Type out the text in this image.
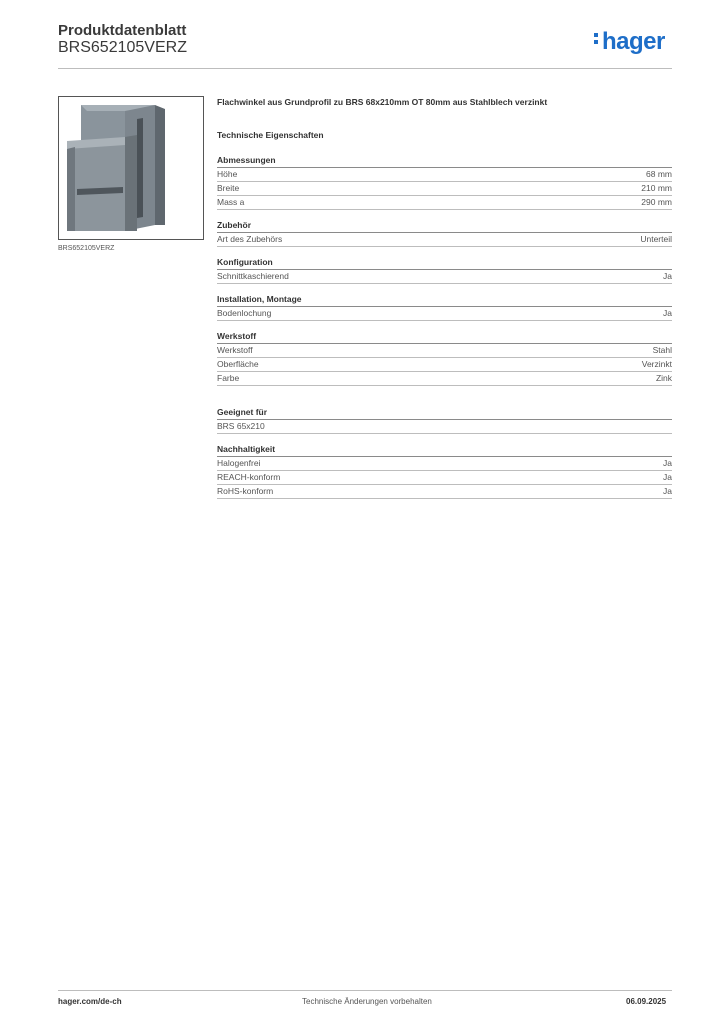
Produktdatenblatt
BRS652105VERZ	hager
BRS652105VERZ
Flachwinkel aus Grundprofil zu BRS 68x210mm OT 80mm aus Stahlblech verzinkt
Technische Eigenschaften
Abmessungen
Höhe	68 mm
Breite	210 mm
Mass a	290 mm
Zubehör
Art des Zubehörs	Unterteil
Konfiguration
Schnittkaschierend	Ja
Installation, Montage
Bodenlochung	Ja
Werkstoff
Werkstoff	Stahl
Oberfläche	Verzinkt
Farbe	Zink
Geeignet für
BRS 65x210
Nachhaltigkeit
Halogenfrei	Ja
REACH-konform	Ja
RoHS-konform	Ja
hager.com/de-ch	Technische Änderungen vorbehalten	06.09.2025
